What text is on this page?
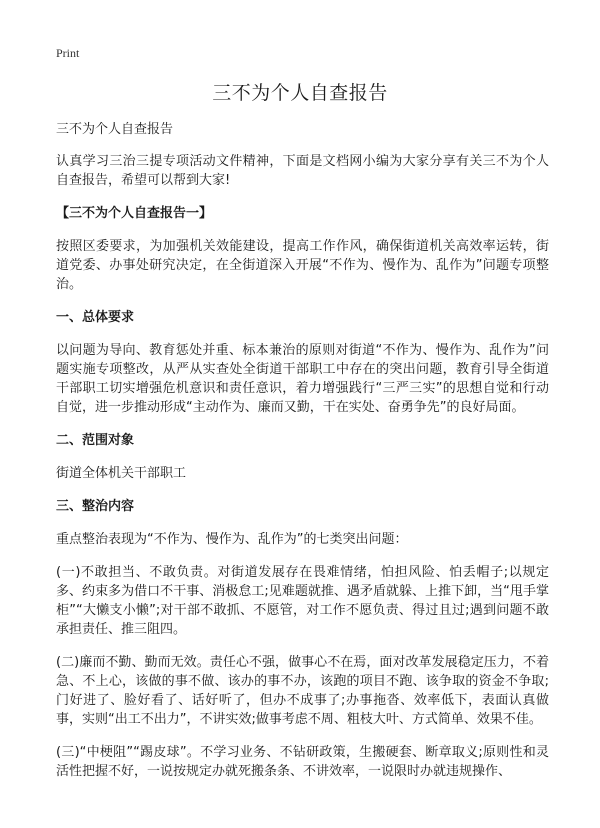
Print
三不为个人自查报告

三不为个人自查报告

认真学习三治三提专项活动文件精神，下面是文档网小编为大家分享有关三不为个人自查报告，希望可以帮到大家!

【三不为个人自查报告一】

按照区委要求，为加强机关效能建设，提高工作作风，确保街道机关高效率运转，街道党委、办事处研究决定，在全街道深入开展“不作为、慢作为、乱作为”问题专项整治。

一、总体要求

以问题为导向、教育惩处并重、标本兼治的原则对街道“不作为、慢作为、乱作为”问题实施专项整改，从严从实查处全街道干部职工中存在的突出问题，教育引导全街道干部职工切实增强危机意识和责任意识，着力增强践行“三严三实”的思想自觉和行动自觉，进一步推动形成“主动作为、廉而又勤，干在实处、奋勇争先”的良好局面。

二、范围对象

街道全体机关干部职工

三、整治内容

重点整治表现为“不作为、慢作为、乱作为”的七类突出问题：

(一)不敢担当、不敢负责。对街道发展存在畏难情绪，怕担风险、怕丢帽子;以规定多、约束多为借口不干事、消极怠工;见难题就推、遇矛盾就躲、上推下卸，当“甩手掌柜”“大懒支小懒”;对干部不敢抓、不愿管，对工作不愿负责、得过且过;遇到问题不敢承担责任、推三阻四。

(二)廉而不勤、勤而无效。责任心不强，做事心不在焉，面对改革发展稳定压力，不着急、不上心，该做的事不做、该办的事不办，该跑的项目不跑、该争取的资金不争取;门好进了、脸好看了、话好听了，但办不成事了;办事拖沓、效率低下，表面认真做事，实则“出工不出力”，不讲实效;做事考虑不周、粗枝大叶、方式简单、效果不佳。

(三)“中梗阻”“踢皮球”。不学习业务、不钻研政策，生搬硬套、断章取义;原则性和灵活性把握不好，一说按规定办就死搬条条、不讲效率，一说限时办就违规操作、
